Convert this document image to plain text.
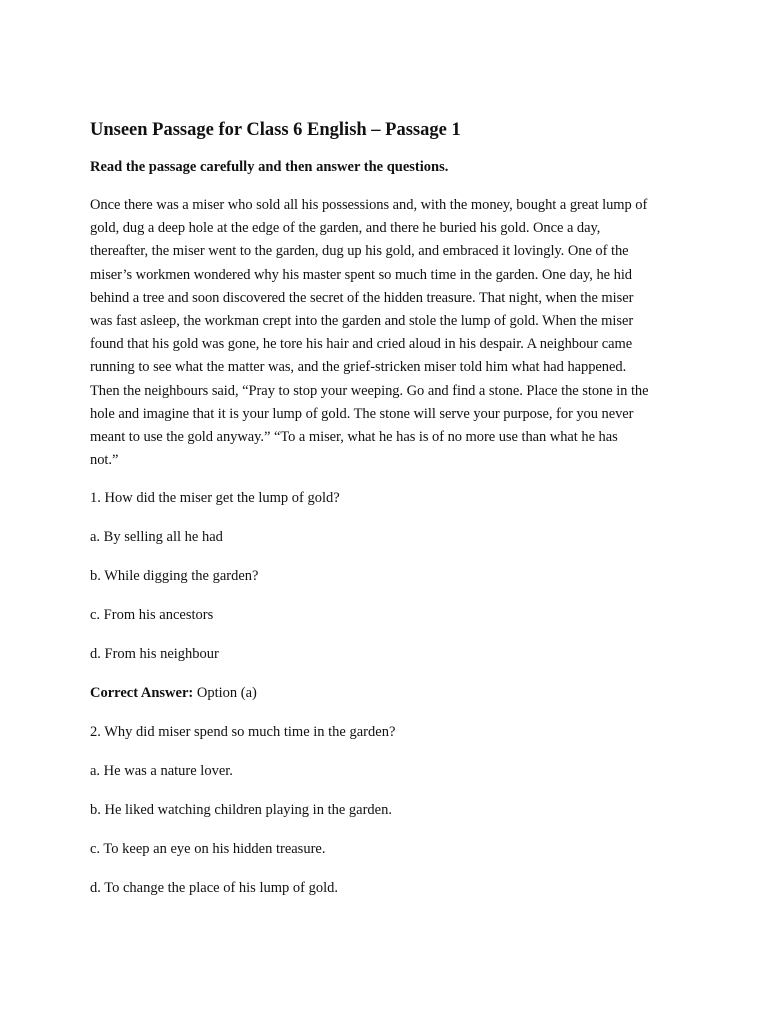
Unseen Passage for Class 6 English – Passage 1

Read the passage carefully and then answer the questions.

Once there was a miser who sold all his possessions and, with the money, bought a great lump of
gold, dug a deep hole at the edge of the garden, and there he buried his gold. Once a day,
thereafter, the miser went to the garden, dug up his gold, and embraced it lovingly. One of the
miser’s workmen wondered why his master spent so much time in the garden. One day, he hid
behind a tree and soon discovered the secret of the hidden treasure. That night, when the miser
was fast asleep, the workman crept into the garden and stole the lump of gold. When the miser
found that his gold was gone, he tore his hair and cried aloud in his despair. A neighbour came
running to see what the matter was, and the grief-stricken miser told him what had happened.
Then the neighbours said, “Pray to stop your weeping. Go and find a stone. Place the stone in the
hole and imagine that it is your lump of gold. The stone will serve your purpose, for you never
meant to use the gold anyway.” “To a miser, what he has is of no more use than what he has
not.”

1. How did the miser get the lump of gold?

a. By selling all he had

b. While digging the garden?

c. From his ancestors

d. From his neighbour

Correct Answer: Option (a)

2. Why did miser spend so much time in the garden?

a. He was a nature lover.

b. He liked watching children playing in the garden.

c. To keep an eye on his hidden treasure.

d. To change the place of his lump of gold.
